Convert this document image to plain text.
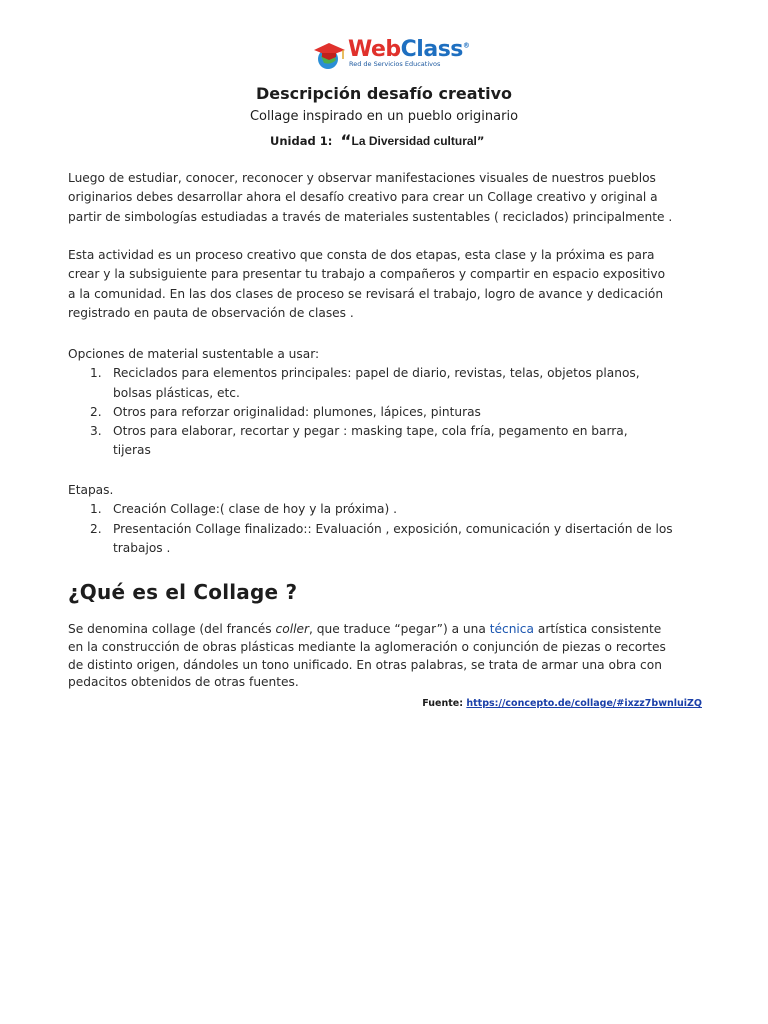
WebClass®
Red de Servicios Educativos
Descripción desafío creativo
Collage inspirado en un pueblo originario
Unidad 1: “La Diversidad cultural”
Luego de estudiar, conocer, reconocer y observar manifestaciones visuales de nuestros pueblos
originarios debes desarrollar ahora el desafío creativo para crear un Collage creativo y original a
partir de simbologías estudiadas a través de materiales sustentables ( reciclados) principalmente .
Esta actividad es un proceso creativo que consta de dos etapas, esta clase y la próxima es para
crear y la subsiguiente para presentar tu trabajo a compañeros y compartir en espacio expositivo
a la comunidad. En las dos clases de proceso se revisará el trabajo, logro de avance y dedicación
registrado en pauta de observación de clases .
Opciones de material sustentable a usar:
1. Reciclados para elementos principales: papel de diario, revistas, telas, objetos planos,
bolsas plásticas, etc.
2. Otros para reforzar originalidad: plumones, lápices, pinturas
3. Otros para elaborar, recortar y pegar : masking tape, cola fría, pegamento en barra,
tijeras
Etapas.
1. Creación Collage:( clase de hoy y la próxima) .
2. Presentación Collage finalizado:: Evaluación , exposición, comunicación y disertación de los
trabajos .
¿Qué es el Collage ?
Se denomina collage (del francés coller, que traduce “pegar”) a una técnica artística consistente
en la construcción de obras plásticas mediante la aglomeración o conjunción de piezas o recortes
de distinto origen, dándoles un tono unificado. En otras palabras, se trata de armar una obra con
pedacitos obtenidos de otras fuentes.
Fuente: https://concepto.de/collage/#ixzz7bwnluiZQ
